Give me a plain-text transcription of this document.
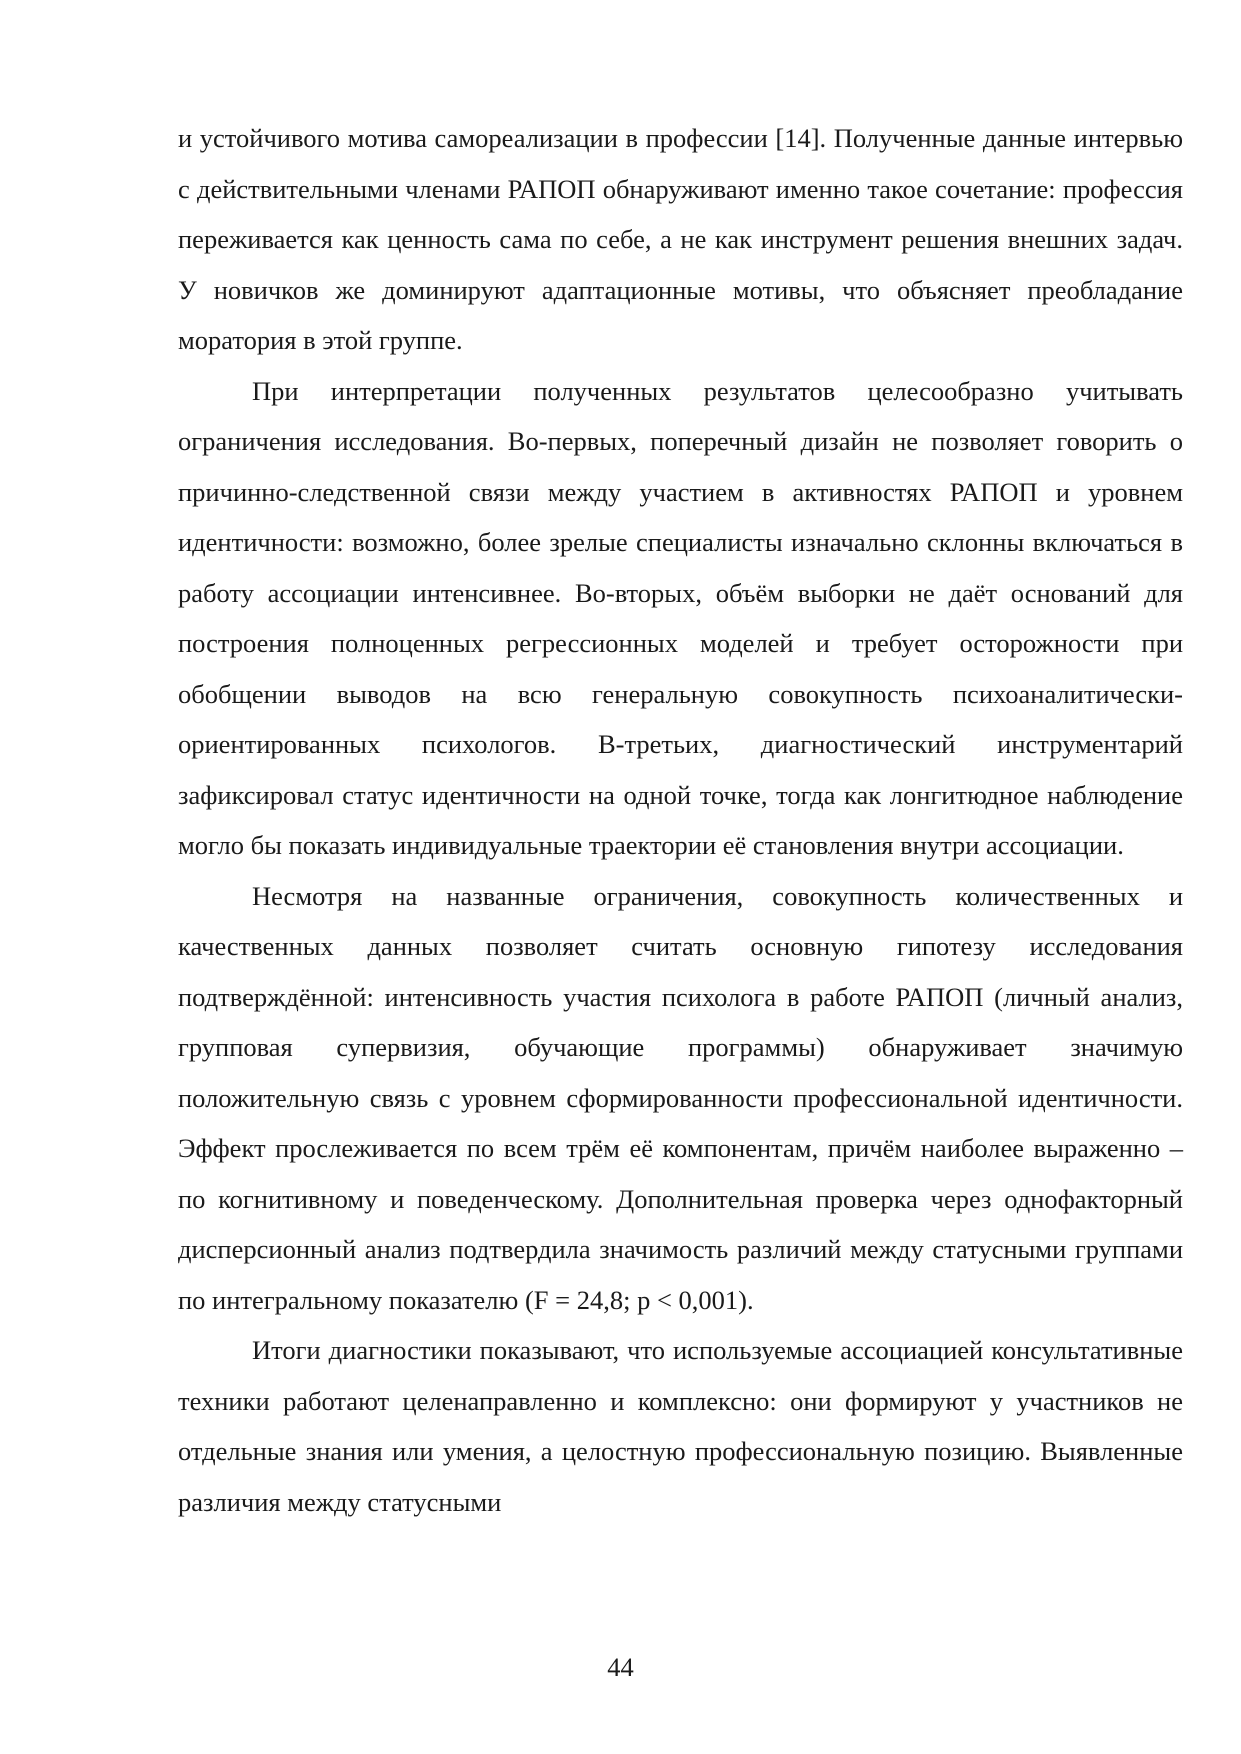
и устойчивого мотива самореализации в профессии [14]. Полученные данные интервью с действительными членами РАПОП обнаруживают именно такое сочетание: профессия переживается как ценность сама по себе, а не как инструмент решения внешних задач. У новичков же доминируют адаптационные мотивы, что объясняет преобладание моратория в этой группе.

При интерпретации полученных результатов целесообразно учитывать ограничения исследования. Во-первых, поперечный дизайн не позволяет говорить о причинно-следственной связи между участием в активностях РАПОП и уровнем идентичности: возможно, более зрелые специалисты изначально склонны включаться в работу ассоциации интенсивнее. Во-вторых, объём выборки не даёт оснований для построения полноценных регрессионных моделей и требует осторожности при обобщении выводов на всю генеральную совокупность психоаналитически-ориентированных психологов. В-третьих, диагностический инструментарий зафиксировал статус идентичности на одной точке, тогда как лонгитюдное наблюдение могло бы показать индивидуальные траектории её становления внутри ассоциации.

Несмотря на названные ограничения, совокупность количественных и качественных данных позволяет считать основную гипотезу исследования подтверждённой: интенсивность участия психолога в работе РАПОП (личный анализ, групповая супервизия, обучающие программы) обнаруживает значимую положительную связь с уровнем сформированности профессиональной идентичности. Эффект прослеживается по всем трём её компонентам, причём наиболее выраженно – по когнитивному и поведенческому. Дополнительная проверка через однофакторный дисперсионный анализ подтвердила значимость различий между статусными группами по интегральному показателю (F = 24,8; p < 0,001).

Итоги диагностики показывают, что используемые ассоциацией консультативные техники работают целенаправленно и комплексно: они формируют у участников не отдельные знания или умения, а целостную профессиональную позицию. Выявленные различия между статусными

44
